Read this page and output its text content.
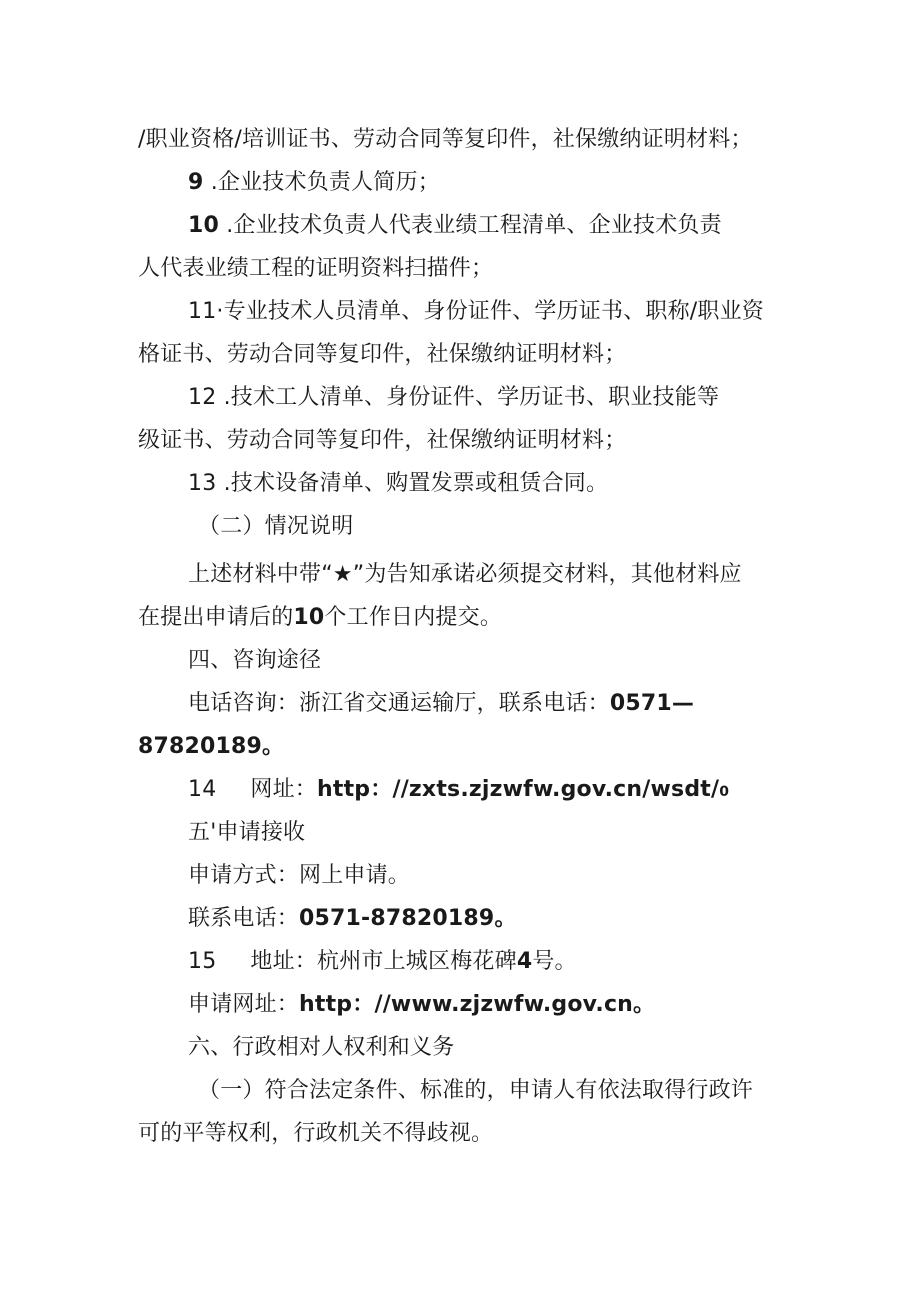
/职业资格/培训证书、劳动合同等复印件，社保缴纳证明材料；
9 .企业技术负责人简历；
10 .企业技术负责人代表业绩工程清单、企业技术负责
人代表业绩工程的证明资料扫描件；
11·专业技术人员清单、身份证件、学历证书、职称/职业资
格证书、劳动合同等复印件，社保缴纳证明材料；
12 .技术工人清单、身份证件、学历证书、职业技能等
级证书、劳动合同等复印件，社保缴纳证明材料；
13 .技术设备清单、购置发票或租赁合同。
（二）情况说明
上述材料中带“★”为告知承诺必须提交材料，其他材料应
在提出申请后的10个工作日内提交。
四、咨询途径
电话咨询：浙江省交通运输厅，联系电话：0571—
87820189。
14 网址：http：//zxts.zjzwfw.gov.cn/wsdt/0
五'申请接收
申请方式：网上申请。
联系电话：0571-87820189。
15 地址：杭州市上城区梅花碑4号。
申请网址：http：//www.zjzwfw.gov.cn。
六、行政相对人权利和义务
（一）符合法定条件、标准的，申请人有依法取得行政许
可的平等权利，行政机关不得歧视。
